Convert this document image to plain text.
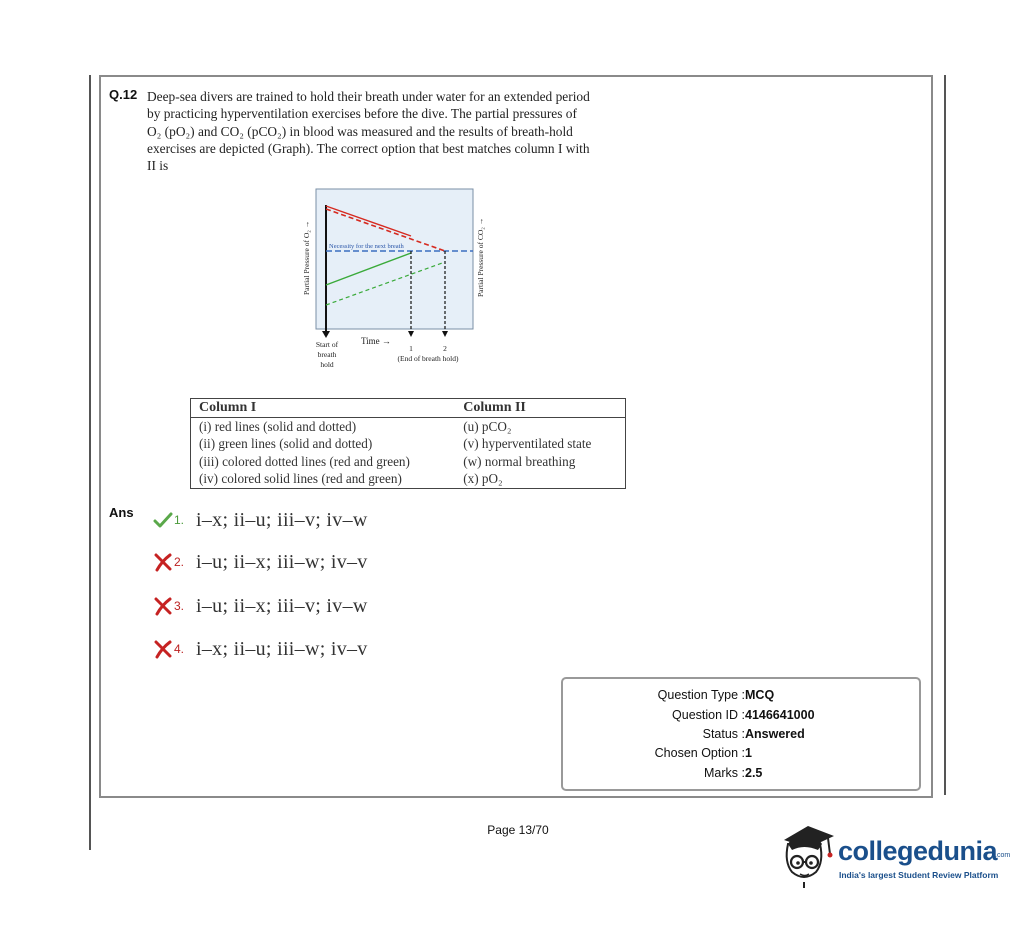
Q.12 Deep-sea divers are trained to hold their breath under water for an extended period
by practicing hyperventilation exercises before the dive. The partial pressures of
O₂ (pO₂) and CO₂ (pCO₂) in blood was measured and the results of breath-hold
exercises are depicted (Graph). The correct option that best matches column I with
II is
Necessity for the next breath
Partial Pressure of O₂ →	Partial Pressure of CO₂ →
Start of
breath
hold
Time →
1	2
(End of breath hold)
Column I	Column II
(i) red lines (solid and dotted)	(u) pCO₂
(ii) green lines (solid and dotted)	(v) hyperventilated state
(iii) colored dotted lines (red and green)	(w) normal breathing
(iv) colored solid lines (red and green)	(x) pO₂
Ans	1. i–x; ii–u; iii–v; iv–w
2. i–u; ii–x; iii–w; iv–v
3. i–u; ii–x; iii–v; iv–w
4. i–x; ii–u; iii–w; iv–v
Question Type : MCQ
Question ID : 4146641000
Status : Answered
Chosen Option : 1
Marks : 2.5
Page 13/70
collegedunia
.com
India's largest Student Review Platform
